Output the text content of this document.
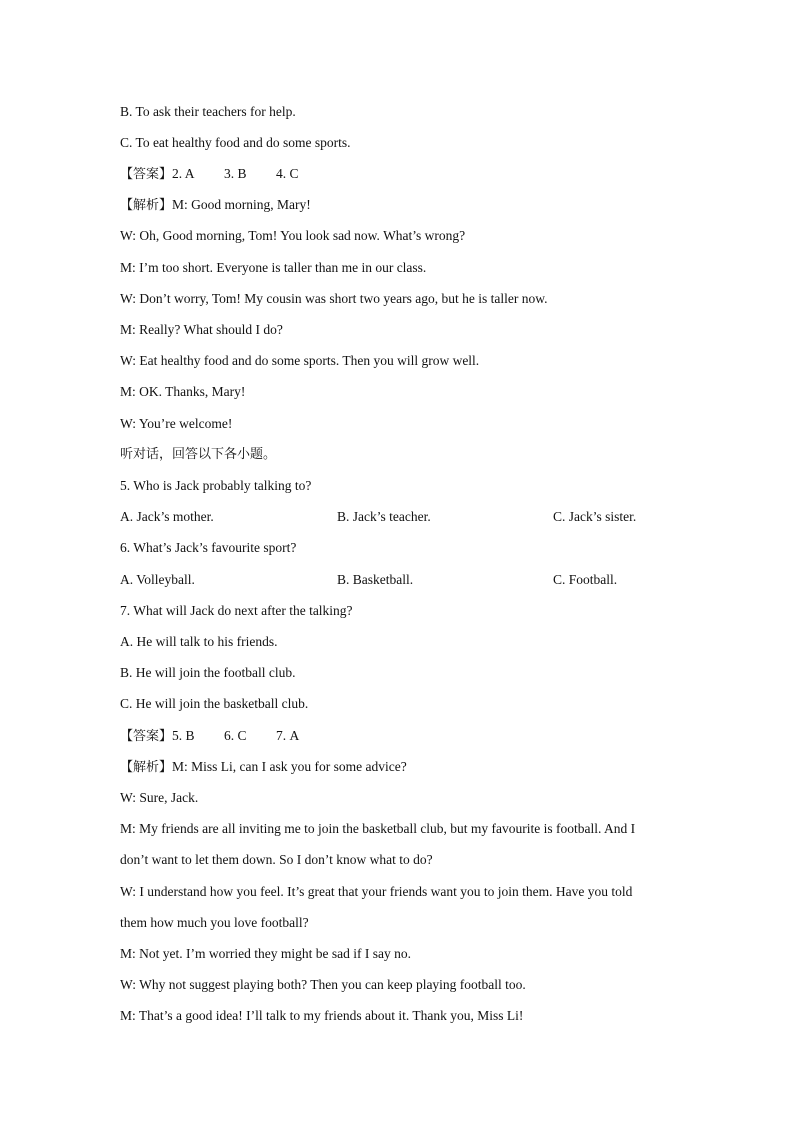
B. To ask their teachers for help.
C. To eat healthy food and do some sports.
【答案】2. A 3. B 4. C
【解析】M: Good morning, Mary!
W: Oh, Good morning, Tom! You look sad now. What’s wrong?
M: I’m too short. Everyone is taller than me in our class.
W: Don’t worry, Tom! My cousin was short two years ago, but he is taller now.
M: Really? What should I do?
W: Eat healthy food and do some sports. Then you will grow well.
M: OK. Thanks, Mary!
W: You’re welcome!
听对话，回答以下各小题。
5. Who is Jack probably talking to?
A. Jack’s mother.	B. Jack’s teacher.	C. Jack’s sister.
6. What’s Jack’s favourite sport?
A. Volleyball.	B. Basketball.	C. Football.
7. What will Jack do next after the talking?
A. He will talk to his friends.
B. He will join the football club.
C. He will join the basketball club.
【答案】5. B 6. C 7. A
【解析】M: Miss Li, can I ask you for some advice?
W: Sure, Jack.
M: My friends are all inviting me to join the basketball club, but my favourite is football. And I
don’t want to let them down. So I don’t know what to do?
W: I understand how you feel. It’s great that your friends want you to join them. Have you told
them how much you love football?
M: Not yet. I’m worried they might be sad if I say no.
W: Why not suggest playing both? Then you can keep playing football too.
M: That’s a good idea! I’ll talk to my friends about it. Thank you, Miss Li!
